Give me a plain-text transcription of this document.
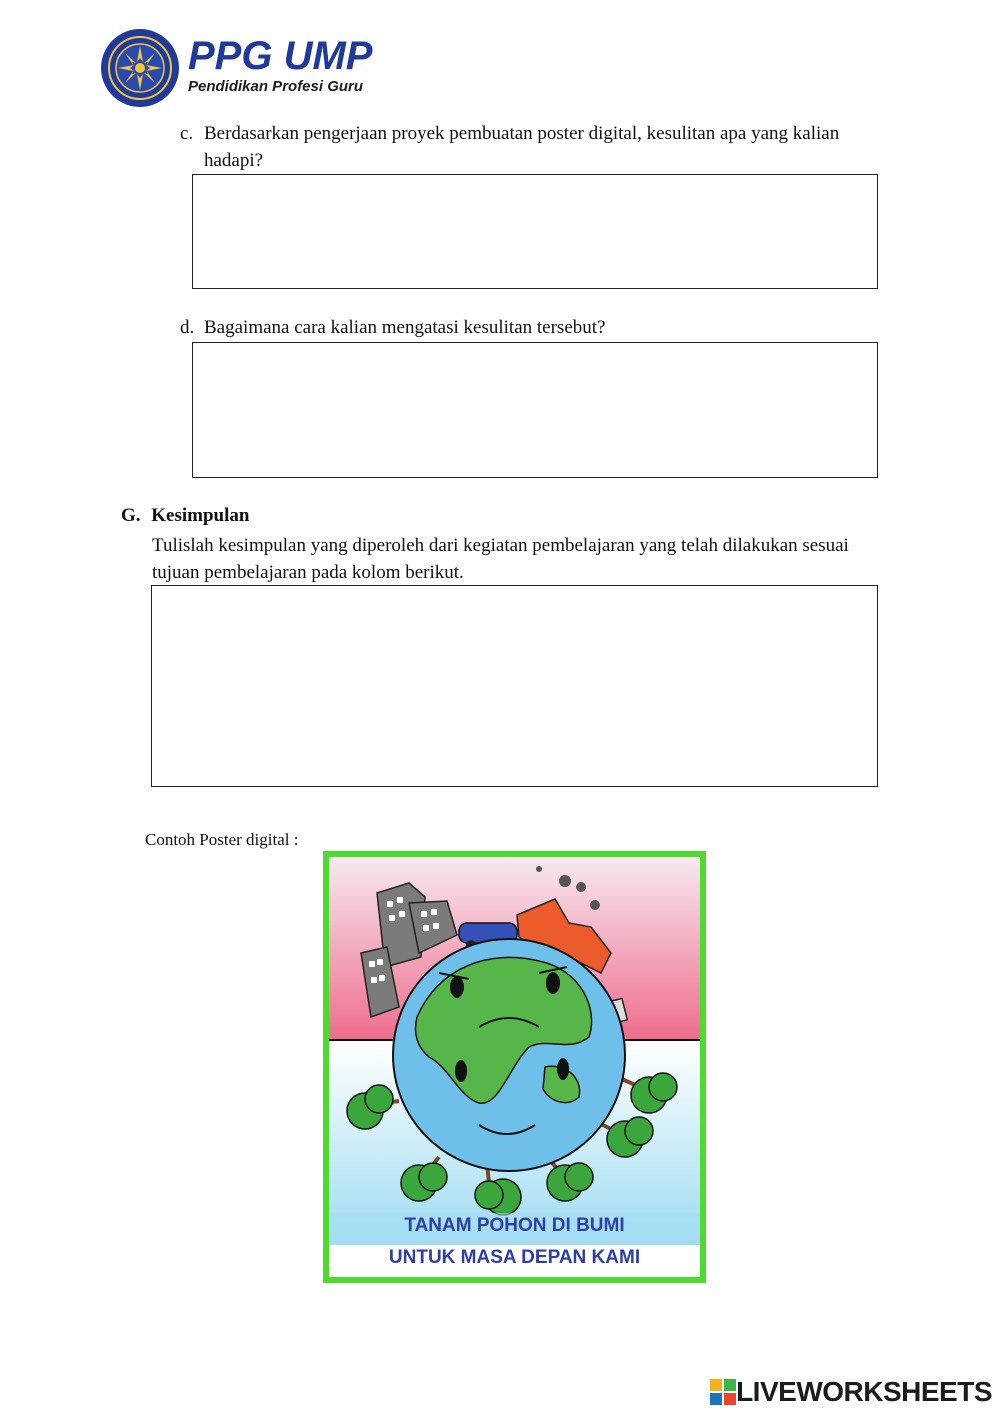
PPG UMP
Pendidikan Profesi Guru
c. Berdasarkan pengerjaan proyek pembuatan poster digital, kesulitan apa yang kalian hadapi?
d. Bagaimana cara kalian mengatasi kesulitan tersebut?
G. Kesimpulan
Tulislah kesimpulan yang diperoleh dari kegiatan pembelajaran yang telah dilakukan sesuai tujuan pembelajaran pada kolom berikut.
Contoh Poster digital :
TANAM POHON DI BUMI
UNTUK MASA DEPAN KAMI
LIVEWORKSHEETS
